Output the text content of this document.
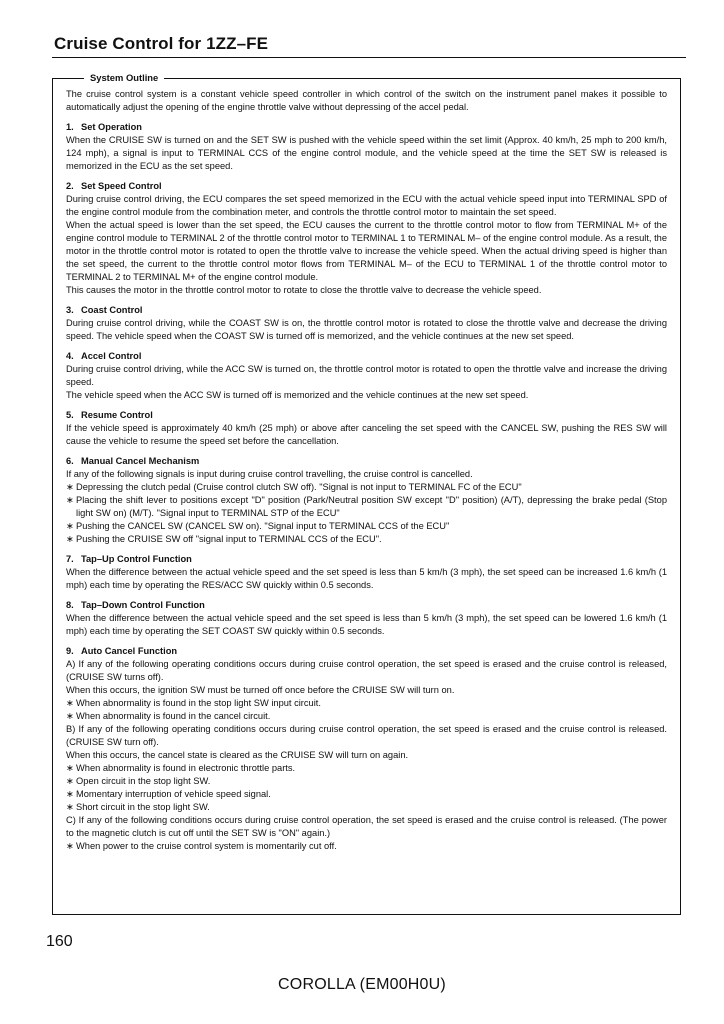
Cruise Control for 1ZZ–FE
System Outline

The cruise control system is a constant vehicle speed controller in which control of the switch on the instrument panel makes it possible to automatically adjust the opening of the engine throttle valve without depressing of the accel pedal.

1. Set Operation

When the CRUISE SW is turned on and the SET SW is pushed with the vehicle speed within the set limit (Approx. 40 km/h, 25 mph to 200 km/h, 124 mph), a signal is input to TERMINAL CCS of the engine control module, and the vehicle speed at the time the SET SW is released is memorized in the ECU as the set speed.

2. Set Speed Control

During cruise control driving, the ECU compares the set speed memorized in the ECU with the actual vehicle speed input into TERMINAL SPD of the engine control module from the combination meter, and controls the throttle control motor to maintain the set speed.

When the actual speed is lower than the set speed, the ECU causes the current to the throttle control motor to flow from TERMINAL M+ of the engine control module to TERMINAL 2 of the throttle control motor to TERMINAL 1 to TERMINAL M– of the engine control module. As a result, the motor in the throttle control motor is rotated to open the throttle valve to increase the vehicle speed. When the actual driving speed is higher than the set speed, the current to the throttle control motor flows from TERMINAL M– of the ECU to TERMINAL 1 of the throttle control motor to TERMINAL 2 to TERMINAL M+ of the engine control module.

This causes the motor in the throttle control motor to rotate to close the throttle valve to decrease the vehicle speed.

3. Coast Control

During cruise control driving, while the COAST SW is on, the throttle control motor is rotated to close the throttle valve and decrease the driving speed. The vehicle speed when the COAST SW is turned off is memorized, and the vehicle continues at the new set speed.

4. Accel Control

During cruise control driving, while the ACC SW is turned on, the throttle control motor is rotated to open the throttle valve and increase the driving speed.

The vehicle speed when the ACC SW is turned off is memorized and the vehicle continues at the new set speed.

5. Resume Control

If the vehicle speed is approximately 40 km/h (25 mph) or above after canceling the set speed with the CANCEL SW, pushing the RES SW will cause the vehicle to resume the speed set before the cancellation.

6. Manual Cancel Mechanism

If any of the following signals is input during cruise control travelling, the cruise control is cancelled.

∗ Depressing the clutch pedal (Cruise control clutch SW off). "Signal is not input to TERMINAL FC of the ECU"

∗ Placing the shift lever to positions except "D" position (Park/Neutral position SW except "D" position) (A/T), depressing the brake pedal (Stop light SW on) (M/T). "Signal input to TERMINAL STP of the ECU"

∗ Pushing the CANCEL SW (CANCEL SW on). "Signal input to TERMINAL CCS of the ECU"

∗ Pushing the CRUISE SW off "signal input to TERMINAL CCS of the ECU".

7. Tap–Up Control Function

When the difference between the actual vehicle speed and the set speed is less than 5 km/h (3 mph), the set speed can be increased 1.6 km/h (1 mph) each time by operating the RES/ACC SW quickly within 0.5 seconds.

8. Tap–Down Control Function

When the difference between the actual vehicle speed and the set speed is less than 5 km/h (3 mph), the set speed can be lowered 1.6 km/h (1 mph) each time by operating the SET COAST SW quickly within 0.5 seconds.

9. Auto Cancel Function

A) If any of the following operating conditions occurs during cruise control operation, the set speed is erased and the cruise control is released, (CRUISE SW turns off).

When this occurs, the ignition SW must be turned off once before the CRUISE SW will turn on.

∗ When abnormality is found in the stop light SW input circuit.

∗ When abnormality is found in the cancel circuit.

B) If any of the following operating conditions occurs during cruise control operation, the set speed is erased and the cruise control is released. (CRUISE SW turn off).

When this occurs, the cancel state is cleared as the CRUISE SW will turn on again.

∗ When abnormality is found in electronic throttle parts.

∗ Open circuit in the stop light SW.

∗ Momentary interruption of vehicle speed signal.

∗ Short circuit in the stop light SW.

C) If any of the following conditions occurs during cruise control operation, the set speed is erased and the cruise control is released. (The power to the magnetic clutch is cut off until the SET SW is "ON" again.)

∗ When power to the cruise control system is momentarily cut off.

160
COROLLA (EM00H0U)
